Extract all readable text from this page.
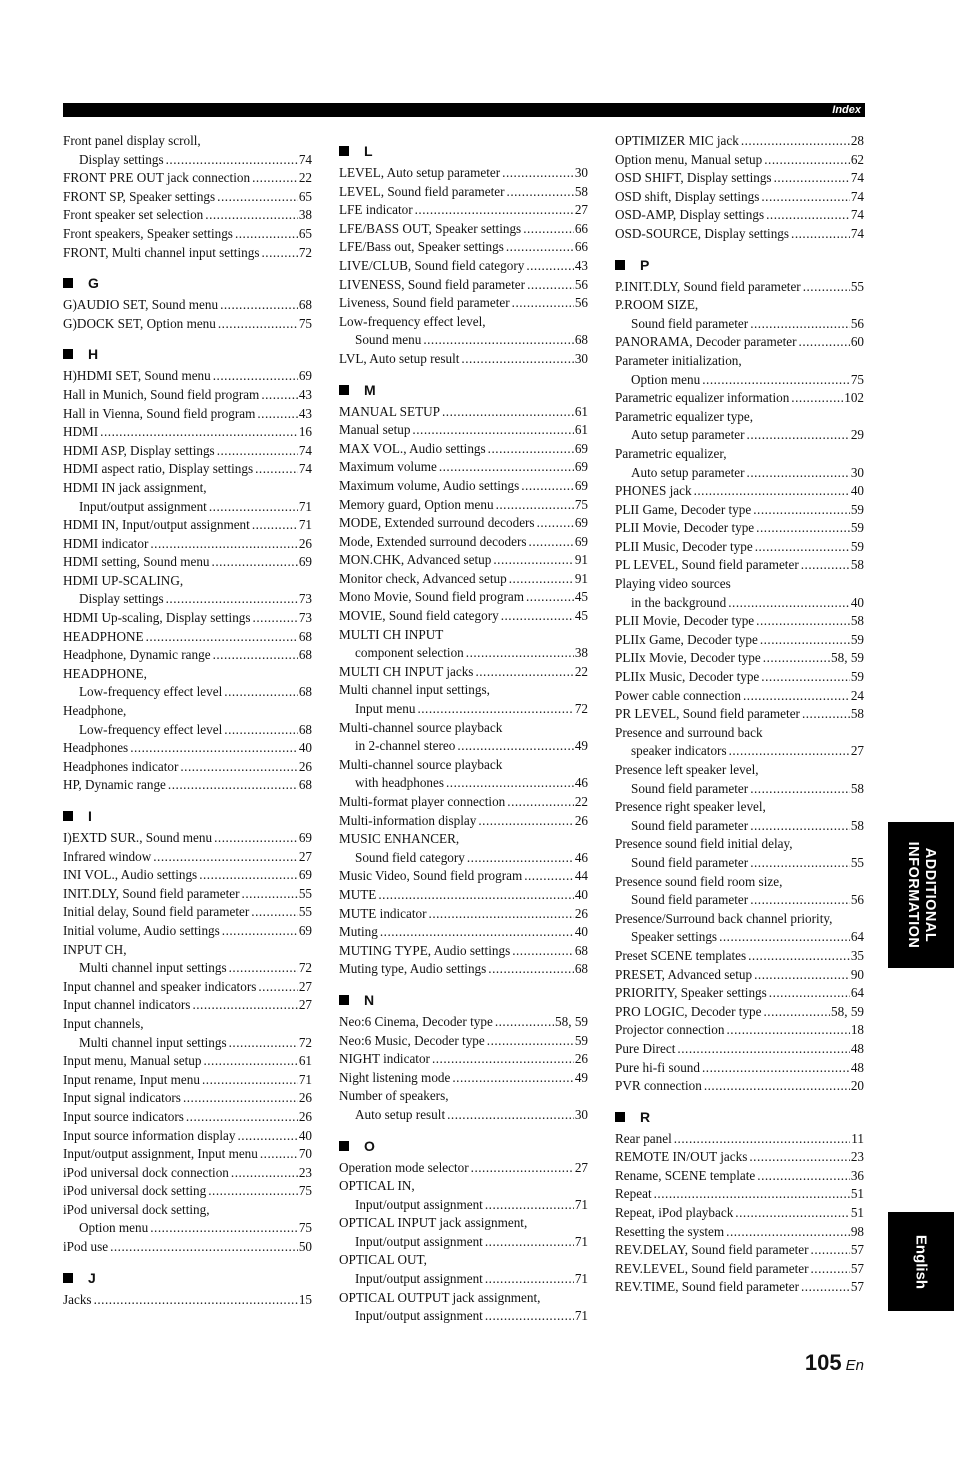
Index
Front panel display scroll,
Display settings .....	74
FRONT PRE OUT jack connection .....	22
FRONT SP, Speaker settings .....	65
Front speaker set selection .....	38
Front speakers, Speaker settings .....	65
FRONT, Multi channel input settings .....	72
G
G)AUDIO SET, Sound menu .....	68
G)DOCK SET, Option menu .....	75
H
H)HDMI SET, Sound menu .....	69
Hall in Munich, Sound field program .....	43
Hall in Vienna, Sound field program .....	43
HDMI .....	16
HDMI ASP, Display settings .....	74
HDMI aspect ratio, Display settings .....	74
HDMI IN jack assignment,
Input/output assignment .....	71
HDMI IN, Input/output assignment .....	71
HDMI indicator .....	26
HDMI setting, Sound menu .....	69
HDMI UP-SCALING,
Display settings .....	73
HDMI Up-scaling, Display settings .....	73
HEADPHONE .....	68
Headphone, Dynamic range .....	68
HEADPHONE,
Low-frequency effect level .....	68
Headphone,
Low-frequency effect level .....	68
Headphones .....	40
Headphones indicator .....	26
HP, Dynamic range .....	68
I
I)EXTD SUR., Sound menu .....	69
Infrared window .....	27
INI VOL., Audio settings .....	69
INIT.DLY, Sound field parameter .....	55
Initial delay, Sound field parameter .....	55
Initial volume, Audio settings .....	69
INPUT CH,
Multi channel input settings .....	72
Input channel and speaker indicators .....	27
Input channel indicators .....	27
Input channels,
Multi channel input settings .....	72
Input menu, Manual setup .....	61
Input rename, Input menu .....	71
Input signal indicators .....	26
Input source indicators .....	26
Input source information display .....	40
Input/output assignment, Input menu .....	70
iPod universal dock connection .....	23
iPod universal dock setting .....	75
iPod universal dock setting,
Option menu .....	75
iPod use .....	50
J
Jacks .....	15
L
LEVEL, Auto setup parameter .....	30
LEVEL, Sound field parameter .....	58
LFE indicator .....	27
LFE/BASS OUT, Speaker settings .....	66
LFE/Bass out, Speaker settings .....	66
LIVE/CLUB, Sound field category .....	43
LIVENESS, Sound field parameter .....	56
Liveness, Sound field parameter .....	56
Low-frequency effect level,
Sound menu .....	68
LVL, Auto setup result .....	30
M
MANUAL SETUP .....	61
Manual setup .....	61
MAX VOL., Audio settings .....	69
Maximum volume .....	69
Maximum volume, Audio settings .....	69
Memory guard, Option menu .....	75
MODE, Extended surround decoders .....	69
Mode, Extended surround decoders .....	69
MON.CHK, Advanced setup .....	91
Monitor check, Advanced setup .....	91
Mono Movie, Sound field program .....	45
MOVIE, Sound field category .....	45
MULTI CH INPUT
component selection .....	38
MULTI CH INPUT jacks .....	22
Multi channel input settings,
Input menu .....	72
Multi-channel source playback
in 2-channel stereo .....	49
Multi-channel source playback
with headphones .....	46
Multi-format player connection .....	22
Multi-information display .....	26
MUSIC ENHANCER,
Sound field category .....	46
Music Video, Sound field program .....	44
MUTE .....	40
MUTE indicator .....	26
Muting .....	40
MUTING TYPE, Audio settings .....	68
Muting type, Audio settings .....	68
N
Neo:6 Cinema, Decoder type .....	58, 59
Neo:6 Music, Decoder type .....	59
NIGHT indicator .....	26
Night listening mode .....	49
Number of speakers,
Auto setup result .....	30
O
Operation mode selector .....	27
OPTICAL IN,
Input/output assignment .....	71
OPTICAL INPUT jack assignment,
Input/output assignment .....	71
OPTICAL OUT,
Input/output assignment .....	71
OPTICAL OUTPUT jack assignment,
Input/output assignment .....	71
OPTIMIZER MIC jack .....	28
Option menu, Manual setup .....	62
OSD SHIFT, Display settings .....	74
OSD shift, Display settings .....	74
OSD-AMP, Display settings .....	74
OSD-SOURCE, Display settings .....	74
P
P.INIT.DLY, Sound field parameter .....	55
P.ROOM SIZE,
Sound field parameter .....	56
PANORAMA, Decoder parameter .....	60
Parameter initialization,
Option menu .....	75
Parametric equalizer information .....	102
Parametric equalizer type,
Auto setup parameter .....	29
Parametric equalizer,
Auto setup parameter .....	30
PHONES jack .....	40
PLII Game, Decoder type .....	59
PLII Movie, Decoder type .....	59
PLII Music, Decoder type .....	59
PL LEVEL, Sound field parameter .....	58
Playing video sources
in the background .....	40
PLII Movie, Decoder type .....	58
PLIIx Game, Decoder type .....	59
PLIIx Movie, Decoder type .....	58, 59
PLIIx Music, Decoder type .....	59
Power cable connection .....	24
PR LEVEL, Sound field parameter .....	58
Presence and surround back
speaker indicators .....	27
Presence left speaker level,
Sound field parameter .....	58
Presence right speaker level,
Sound field parameter .....	58
Presence sound field initial delay,
Sound field parameter .....	55
Presence sound field room size,
Sound field parameter .....	56
Presence/Surround back channel priority,
Speaker settings .....	64
Preset SCENE templates .....	35
PRESET, Advanced setup .....	90
PRIORITY, Speaker settings .....	64
PRO LOGIC, Decoder type .....	58, 59
Projector connection .....	18
Pure Direct .....	48
Pure hi-fi sound .....	48
PVR connection .....	20
R
Rear panel .....	11
REMOTE IN/OUT jacks .....	23
Rename, SCENE template .....	36
Repeat .....	51
Repeat, iPod playback .....	51
Resetting the system .....	98
REV.DELAY, Sound field parameter .....	57
REV.LEVEL, Sound field parameter .....	57
REV.TIME, Sound field parameter .....	57
ADDITIONAL
INFORMATION
English
105 En
